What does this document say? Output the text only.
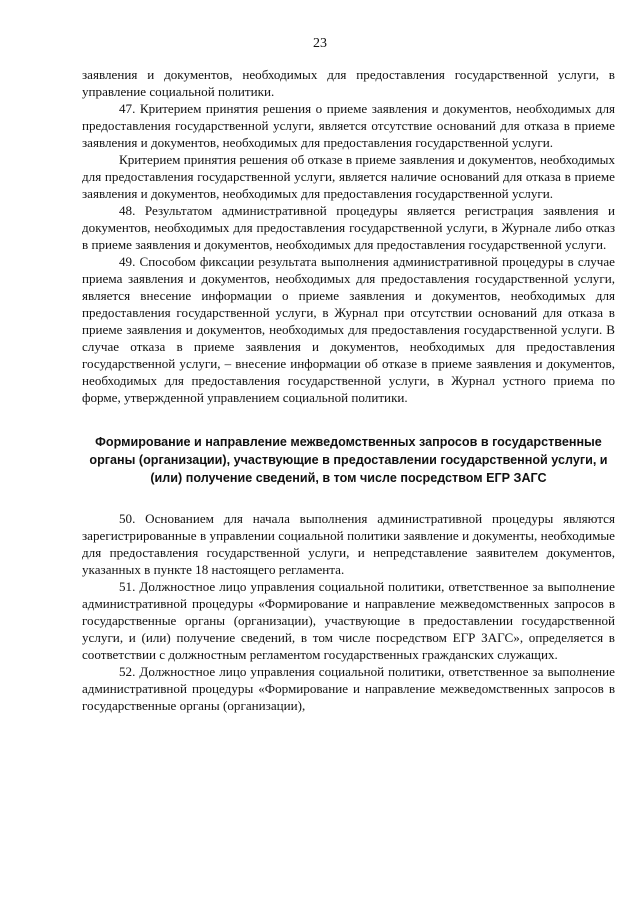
23

заявления и документов, необходимых для предоставления государственной услуги, в управление социальной политики.

47. Критерием принятия решения о приеме заявления и документов, необходимых для предоставления государственной услуги, является отсутствие оснований для отказа в приеме заявления и документов, необходимых для предоставления государственной услуги.

Критерием принятия решения об отказе в приеме заявления и документов, необходимых для предоставления государственной услуги, является наличие оснований для отказа в приеме заявления и документов, необходимых для предоставления государственной услуги.

48. Результатом административной процедуры является регистрация заявления и документов, необходимых для предоставления государственной услуги, в Журнале либо отказ в приеме заявления и документов, необходимых для предоставления государственной услуги.

49. Способом фиксации результата выполнения административной процедуры в случае приема заявления и документов, необходимых для предоставления государственной услуги, является внесение информации о приеме заявления и документов, необходимых для предоставления государственной услуги, в Журнал при отсутствии оснований для отказа в приеме заявления и документов, необходимых для предоставления государственной услуги. В случае отказа в приеме заявления и документов, необходимых для предоставления государственной услуги, – внесение информации об отказе в приеме заявления и документов, необходимых для предоставления государственной услуги, в Журнал устного приема по форме, утвержденной управлением социальной политики.

Формирование и направление межведомственных запросов в государственные органы (организации), участвующие в предоставлении государственной услуги, и (или) получение сведений, в том числе посредством ЕГР ЗАГС

50. Основанием для начала выполнения административной процедуры являются зарегистрированные в управлении социальной политики заявление и документы, необходимые для предоставления государственной услуги, и непредставление заявителем документов, указанных в пункте 18 настоящего регламента.

51. Должностное лицо управления социальной политики, ответственное за выполнение административной процедуры «Формирование и направление межведомственных запросов в государственные органы (организации), участвующие в предоставлении государственной услуги, и (или) получение сведений, в том числе посредством ЕГР ЗАГС», определяется в соответствии с должностным регламентом государственных гражданских служащих.

52. Должностное лицо управления социальной политики, ответственное за выполнение административной процедуры «Формирование и направление межведомственных запросов в государственные органы (организации),
